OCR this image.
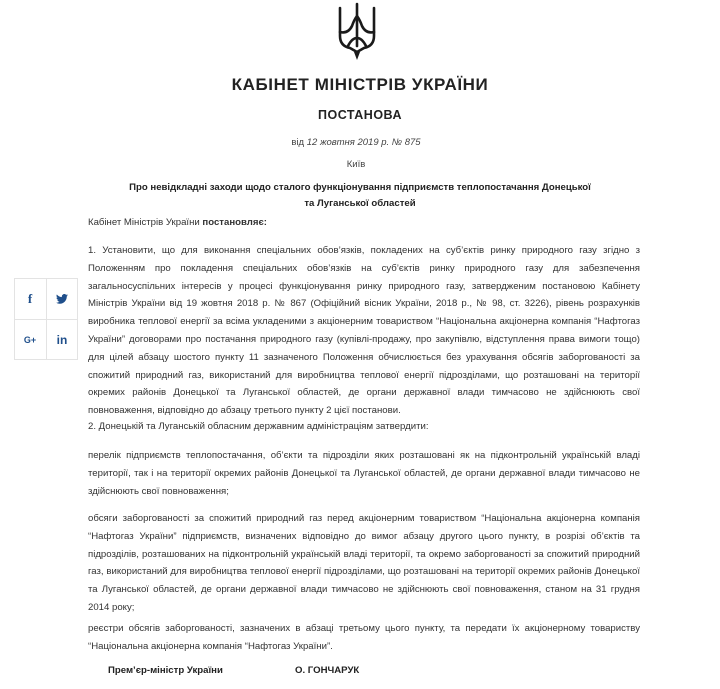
КАБІНЕТ МІНІСТРІВ УКРАЇНИ
ПОСТАНОВА
від 12 жовтня 2019 р. № 875
Київ
Про невідкладні заходи щодо сталого функціонування підприємств теплопостачання Донецької
та Луганської областей
Кабінет Міністрів України постановляє:
1. Установити, що для виконання спеціальних обов’язків, покладених на суб’єктів ринку природного газу згідно з Положенням про покладення спеціальних обов’язків на суб’єктів ринку природного газу для забезпечення загальносуспільних інтересів у процесі функціонування ринку природного газу, затвердженим постановою Кабінету Міністрів України від 19 жовтня 2018 р. № 867 (Офіційний вісник України, 2018 р., № 98, ст. 3226), рівень розрахунків виробника теплової енергії за всіма укладеними з акціонерним товариством “Національна акціонерна компанія “Нафтогаз України” договорами про постачання природного газу (купівлі-продажу, про закупівлю, відступлення права вимоги тощо) для цілей абзацу шостого пункту 11 зазначеного Положення обчислюється без урахування обсягів заборгованості за спожитий природний газ, використаний для виробництва теплової енергії підрозділами, що розташовані на території окремих районів Донецької та Луганської областей, де органи державної влади тимчасово не здійснюють свої повноваження, відповідно до абзацу третього пункту 2 цієї постанови.
2. Донецькій та Луганській обласним державним адміністраціям затвердити:
перелік підприємств теплопостачання, об’єкти та підрозділи яких розташовані як на підконтрольній українській владі території, так і на території окремих районів Донецької та Луганської областей, де органи державної влади тимчасово не здійснюють свої повноваження;
обсяги заборгованості за спожитий природний газ перед акціонерним товариством “Національна акціонерна компанія “Нафтогаз України” підприємств, визначених відповідно до вимог абзацу другого цього пункту, в розрізі об’єктів та підрозділів, розташованих на підконтрольній українській владі території, та окремо заборгованості за спожитий природний газ, використаний для виробництва теплової енергії підрозділами, що розташовані на території окремих районів Донецької та Луганської областей, де органи державної влади тимчасово не здійснюють свої повноваження, станом на 31 грудня 2014 року;
реєстри обсягів заборгованості, зазначених в абзаці третьому цього пункту, та передати їх акціонерному товариству “Національна акціонерна компанія “Нафтогаз України”.
Прем’єр-міністр України	О. ГОНЧАРУК
f
G+ in
